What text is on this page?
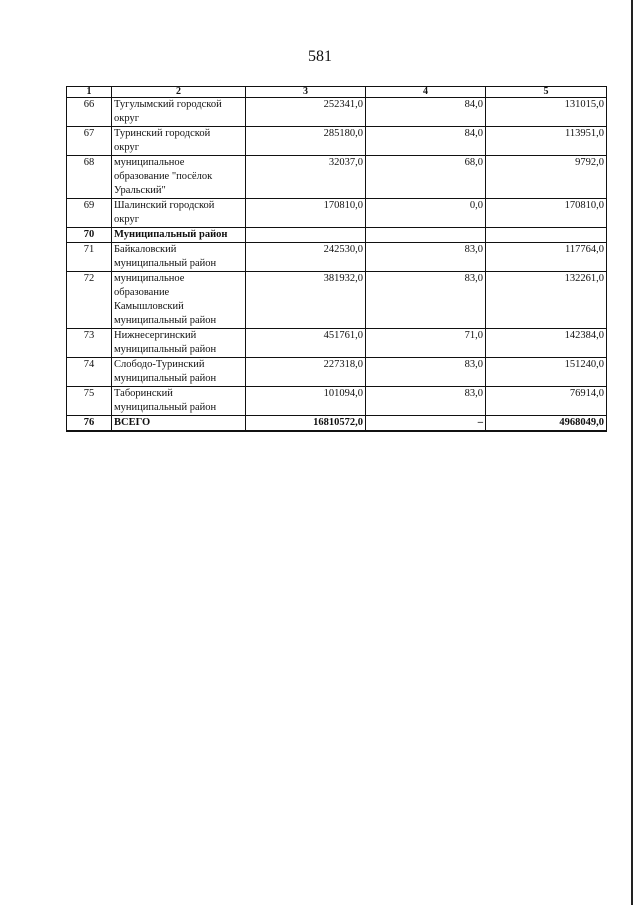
581
1	2	3	4	5
66	Тугулымский городской
округ	252341,0	84,0	131015,0
67	Туринский городской
округ	285180,0	84,0	113951,0
68	муниципальное
образование "посёлок
Уральский"	32037,0	68,0	9792,0
69	Шалинский городской
округ	170810,0	0,0	170810,0
70	Муниципальный район			

71	Байкаловский
муниципальный район	242530,0	83,0	117764,0
72	муниципальное
образование
Камышловский
муниципальный район	381932,0	83,0	132261,0
73	Нижнесергинский
муниципальный район	451761,0	71,0	142384,0
74	Слободо-Туринский
муниципальный район	227318,0	83,0	151240,0
75	Таборинский
муниципальный район	101094,0	83,0	76914,0
76	ВСЕГО	16810572,0	–	4968049,0
